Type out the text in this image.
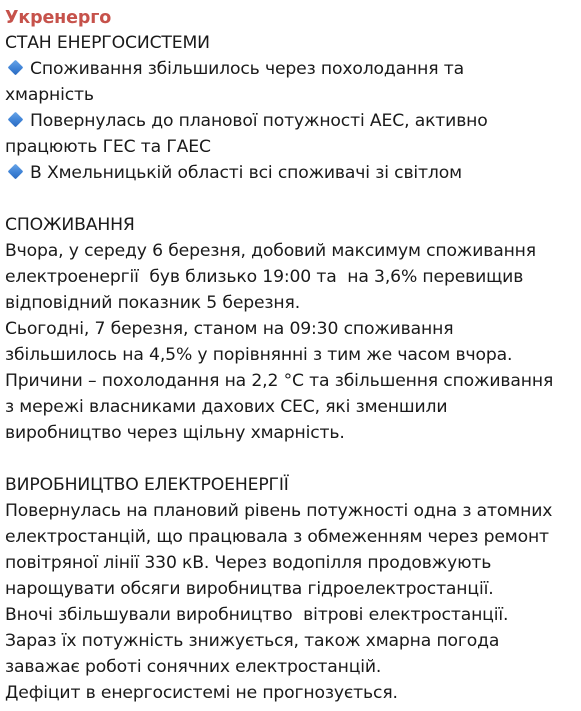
Укренерго
СТАН ЕНЕРГОСИСТЕМИ
Споживання збільшилось через похолодання та
хмарність
Повернулась до планової потужності АЕС, активно
працюють ГЕС та ГАЕС
В Хмельницькій області всі споживачі зі світлом
СПОЖИВАННЯ
Вчора, у середу 6 березня, добовий максимум споживання
електроенергії  був близько 19:00 та  на 3,6% перевищив
відповідний показник 5 березня.
Сьогодні, 7 березня, станом на 09:30 споживання
збільшилось на 4,5% у порівнянні з тим же часом вчора.
Причини – похолодання на 2,2 °С та збільшення споживання
з мережі власниками дахових СЕС, які зменшили
виробництво через щільну хмарність.
ВИРОБНИЦТВО ЕЛЕКТРОЕНЕРГІЇ
Повернулась на плановий рівень потужності одна з атомних
електростанцій, що працювала з обмеженням через ремонт
повітряної лінії 330 кВ. Через водопілля продовжують
нарощувати обсяги виробництва гідроелектростанції.
Вночі збільшували виробництво  вітрові електростанції.
Зараз їх потужність знижується, також хмарна погода
заважає роботі сонячних електростанцій.
Дефіцит в енергосистемі не прогнозується.
